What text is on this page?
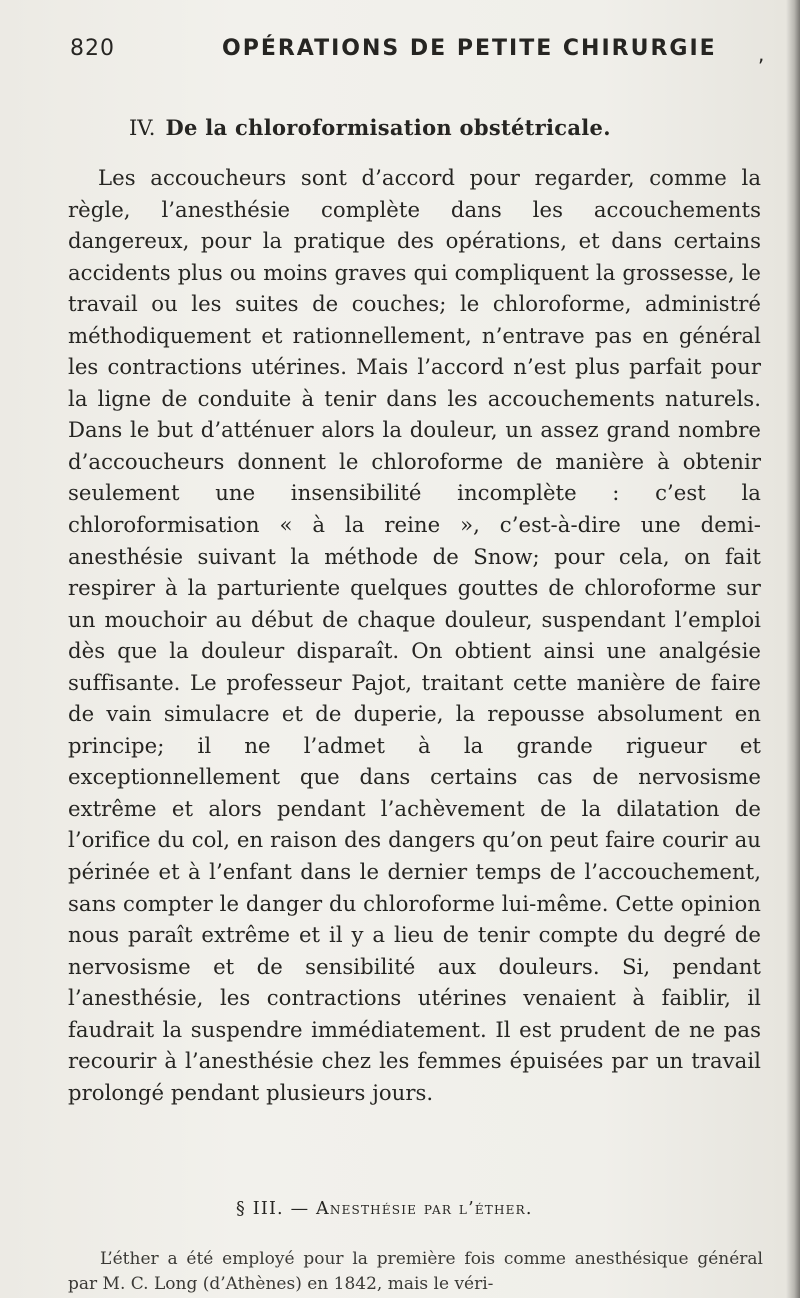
820	OPÉRATIONS DE PETITE CHIRURGIE ,
IV. De la chloroformisation obstétricale.

Les accoucheurs sont d’accord pour regarder, comme la règle, l’anesthésie complète dans les accouchements dangereux, pour la pratique des opérations, et dans certains accidents plus ou moins graves qui compliquent la grossesse, le travail ou les suites de couches; le chloroforme, administré méthodiquement et rationnellement, n’entrave pas en général les contractions utérines. Mais l’accord n’est plus parfait pour la ligne de conduite à tenir dans les accouchements naturels. Dans le but d’atténuer alors la douleur, un assez grand nombre d’accoucheurs donnent le chloroforme de manière à obtenir seulement une insensibilité incomplète : c’est la chloroformisation « à la reine », c’est-à-dire une demi-anesthésie suivant la méthode de Snow; pour cela, on fait respirer à la parturiente quelques gouttes de chloroforme sur un mouchoir au début de chaque douleur, suspendant l’emploi dès que la douleur disparaît. On obtient ainsi une analgésie suffisante. Le professeur Pajot, traitant cette manière de faire de vain simulacre et de duperie, la repousse absolument en principe; il ne l’admet à la grande rigueur et exceptionnellement que dans certains cas de nervosisme extrême et alors pendant l’achèvement de la dilatation de l’orifice du col, en raison des dangers qu’on peut faire courir au périnée et à l’enfant dans le dernier temps de l’accouchement, sans compter le danger du chloroforme lui-même. Cette opinion nous paraît extrême et il y a lieu de tenir compte du degré de nervosisme et de sensibilité aux douleurs. Si, pendant l’anesthésie, les contractions utérines venaient à faiblir, il faudrait la suspendre immédiatement. Il est prudent de ne pas recourir à l’anesthésie chez les femmes épuisées par un travail prolongé pendant plusieurs jours.

§ III. — Anesthésie par l’éther.

L’éther a été employé pour la première fois comme anesthésique général par M. C. Long (d’Athènes) en 1842, mais le véri-
